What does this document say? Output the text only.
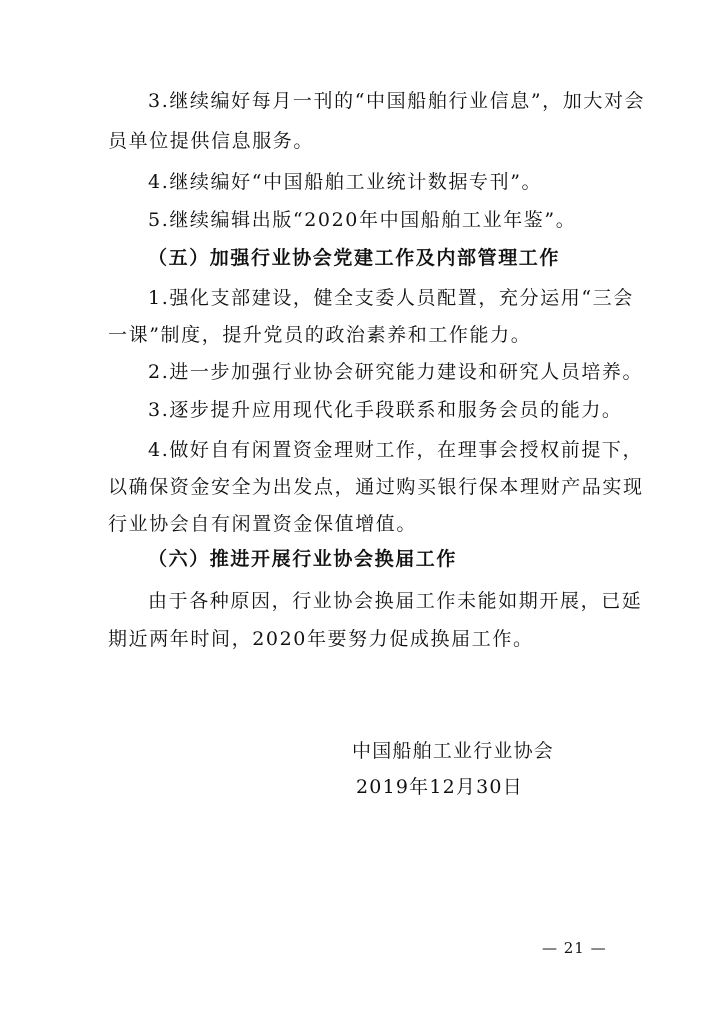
3.继续编好每月一刊的“中国船舶行业信息”，加大对会
员单位提供信息服务。
4.继续编好“中国船舶工业统计数据专刊”。
5.继续编辑出版“2020年中国船舶工业年鉴”。
（五）加强行业协会党建工作及内部管理工作
1.强化支部建设，健全支委人员配置，充分运用“三会
一课”制度，提升党员的政治素养和工作能力。
2.进一步加强行业协会研究能力建设和研究人员培养。
3.逐步提升应用现代化手段联系和服务会员的能力。
4.做好自有闲置资金理财工作，在理事会授权前提下，
以确保资金安全为出发点，通过购买银行保本理财产品实现
行业协会自有闲置资金保值增值。
（六）推进开展行业协会换届工作
由于各种原因，行业协会换届工作未能如期开展，已延
期近两年时间，2020年要努力促成换届工作。
中国船舶工业行业协会
2019年12月30日
— 21 —
